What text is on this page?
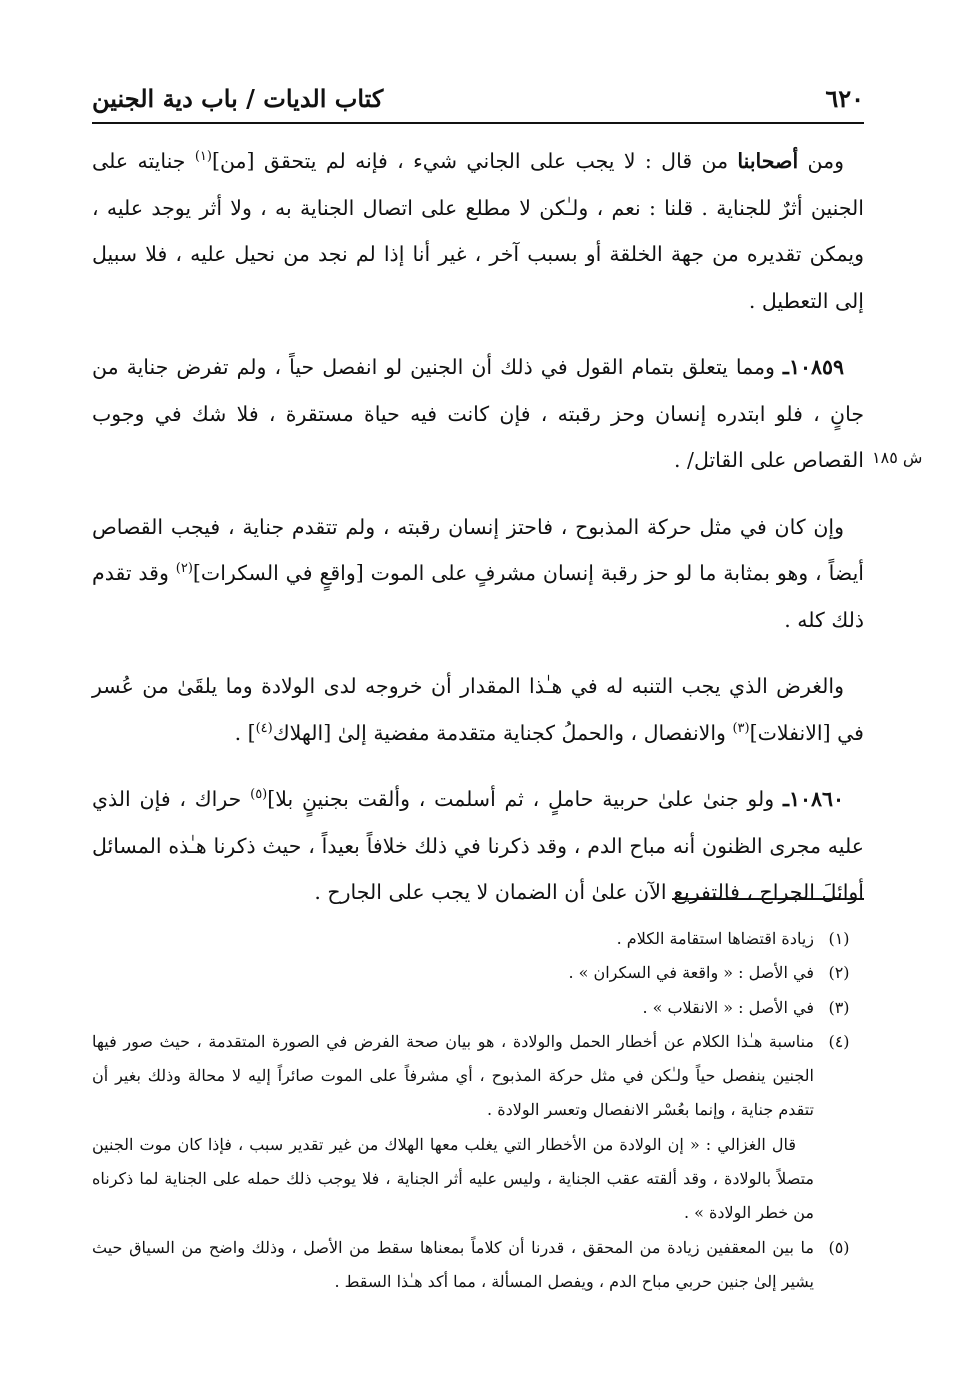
٦٢٠
كتاب الديات / باب دية الجنين
ش ١٨٥

ومن أصحابنا من قال : لا يجب على الجاني شيء ، فإنه لم يتحقق [من]$^{(١)}$ جنايته على الجنين أثرٌ للجناية . قلنا : نعم ، ولـٰكن لا مطلع على اتصال الجناية به ، ولا أثر يوجد عليه ، ويمكن تقديره من جهة الخلقة أو بسبب آخر ، غير أنا إذا لم نجد من نحيل عليه ، فلا سبيل إلى التعطيل .

١٠٨٥٩ـ ومما يتعلق بتمام القول في ذلك أن الجنين لو انفصل حياً ، ولم تفرض جناية من جانٍ ، فلو ابتدره إنسان وحز رقبته ، فإن كانت فيه حياة مستقرة ، فلا شك في وجوب القصاص على القاتل/ .

وإن كان في مثل حركة المذبوح ، فاحتز إنسان رقبته ، ولم تتقدم جناية ، فيجب القصاص أيضاً ، وهو بمثابة ما لو حز رقبة إنسان مشرفٍ على الموت [واقعٍ في السكرات]$^{(٢)}$ وقد تقدم ذلك كله .

والغرض الذي يجب التنبه له في هـٰذا المقدار أن خروجه لدى الولادة وما يلقَىٰ من عُسر في [الانفلات]$^{(٣)}$ والانفصال ، والحملُ كجناية متقدمة مفضية إلىٰ [الهلاك$^{(٤)}$] .

١٠٨٦٠ـ ولو جنىٰ علىٰ حربية حاملٍ ، ثم أسلمت ، وألقت بجنينٍ بلا]$^{(٥)}$ حراك ، فإن الذي عليه مجرى الظنون أنه مباح الدم ، وقد ذكرنا في ذلك خلافاً بعيداً ، حيث ذكرنا هـٰذه المسائل أوائلَ الجراح ، فالتفريع الآن علىٰ أن الضمان لا يجب على الجارح .

(١)
زيادة اقتضاها استقامة الكلام .
(٢)
في الأصل : « واقعة في السكران » .
(٣)
في الأصل : « الانقلاب » .
(٤)
مناسبة هـٰذا الكلام عن أخطار الحمل والولادة ، هو بيان صحة الفرض في الصورة المتقدمة ، حيث صور فيها الجنين ينفصل حياً ولـٰكن في مثل حركة المذبوح ، أي مشرفاً على الموت صائراً إليه لا محالة وذلك بغير أن تتقدم جناية ، وإنما بعُسْر الانفصال وتعسر الولادة .
قال الغزالي : « إن الولادة من الأخطار التي يغلب معها الهلاك من غير تقدير سبب ، فإذا كان موت الجنين متصلاً بالولادة ، وقد ألقته عقب الجناية ، وليس عليه أثر الجناية ، فلا يوجب ذلك حمله على الجناية لما ذكرناه من خطر الولادة » .
(٥)
ما بين المعقفين زيادة من المحقق ، قدرنا أن كلاماً بمعناها سقط من الأصل ، وذلك واضح من السياق حيث يشير إلىٰ جنين حربي مباح الدم ، ويفصل المسألة ، مما أكد هـٰذا السقط .
